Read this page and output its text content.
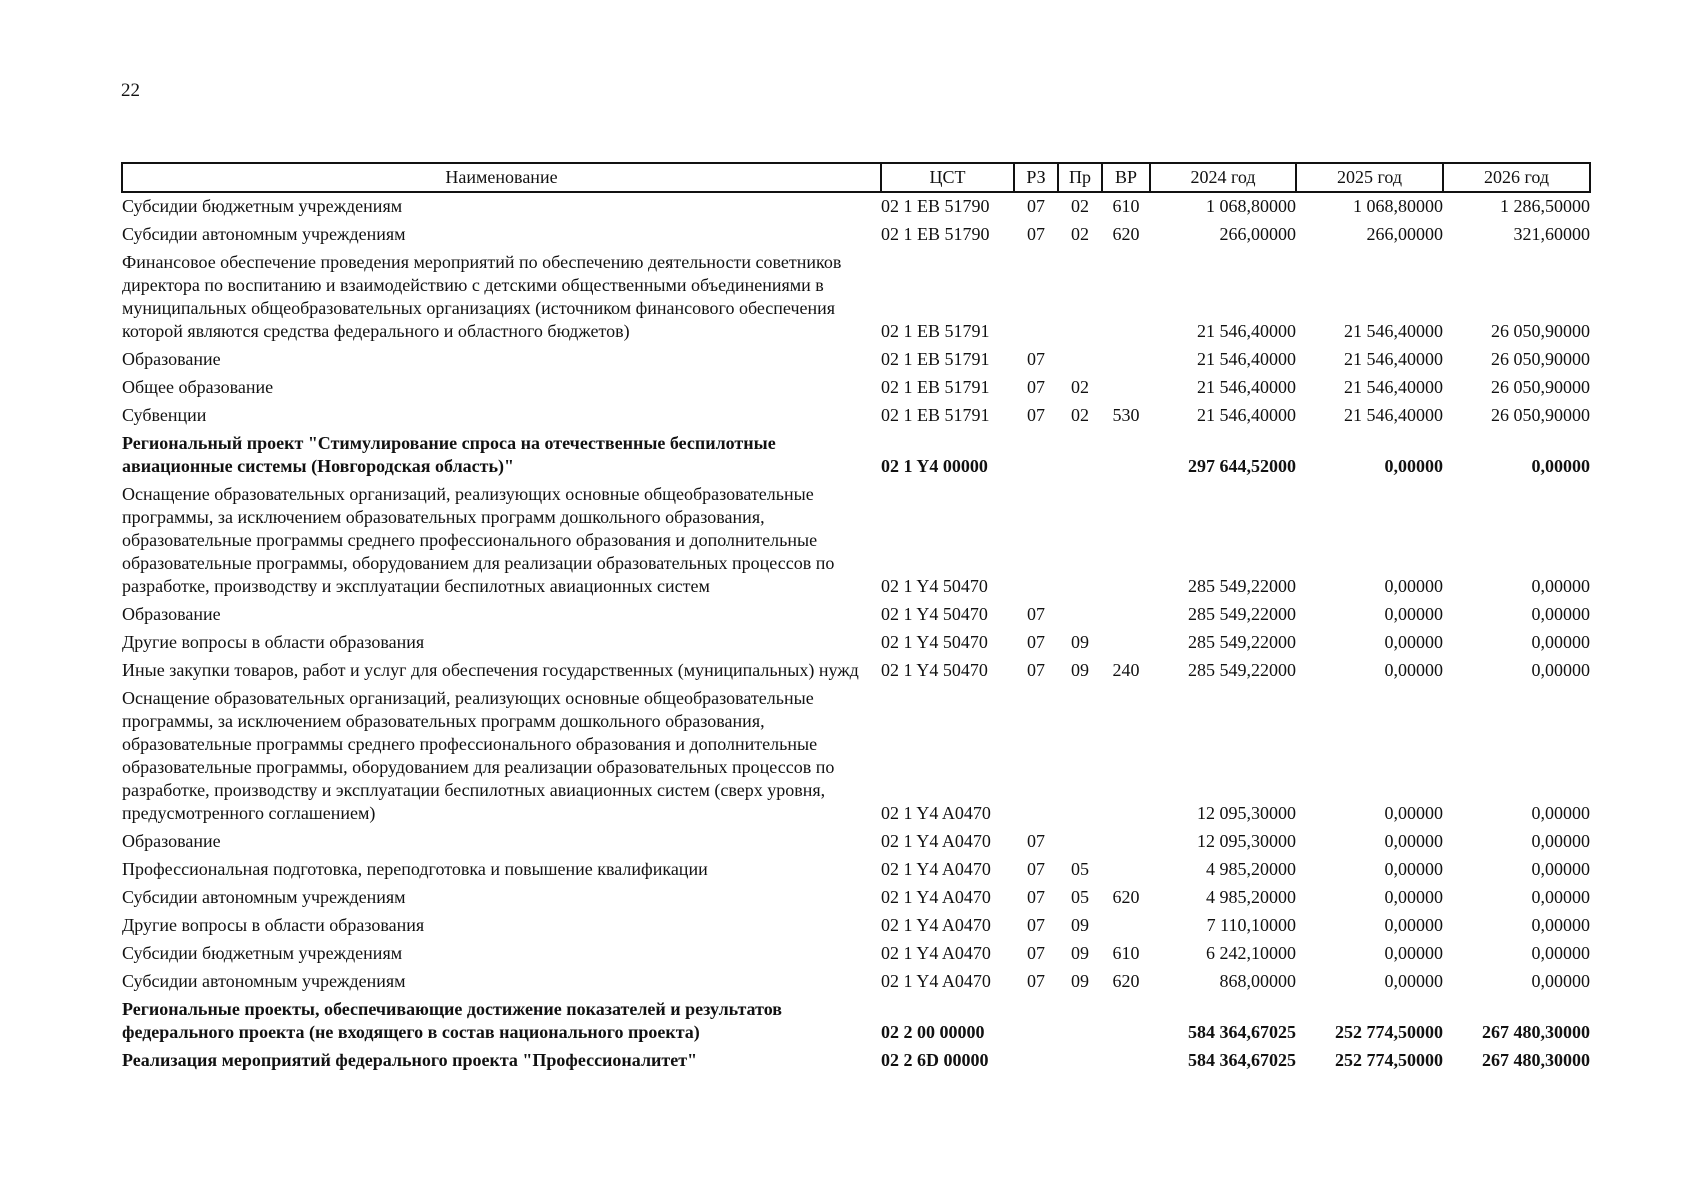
22
Наименование	ЦСТ	РЗ	Пр	ВР	2024 год	2025 год	2026 год
Субсидии бюджетным учреждениям	02 1 ЕВ 51790	07	02	610	1 068,80000	1 068,80000	1 286,50000
Субсидии автономным учреждениям	02 1 ЕВ 51790	07	02	620	266,00000	266,00000	321,60000
Финансовое обеспечение проведения мероприятий по обеспечению деятельности советников директора по воспитанию и взаимодействию с детскими общественными объединениями в муниципальных общеобразовательных организациях (источником финансового обеспечения которой являются средства федерального и областного бюджетов)	02 1 ЕВ 51791				21 546,40000	21 546,40000	26 050,90000
Образование	02 1 ЕВ 51791	07			21 546,40000	21 546,40000	26 050,90000
Общее образование	02 1 ЕВ 51791	07	02		21 546,40000	21 546,40000	26 050,90000
Субвенции	02 1 ЕВ 51791	07	02	530	21 546,40000	21 546,40000	26 050,90000
Региональный проект "Стимулирование спроса на отечественные беспилотные авиационные системы (Новгородская область)"	02 1 Y4 00000				297 644,52000	0,00000	0,00000
Оснащение образовательных организаций, реализующих основные общеобразовательные программы, за исключением образовательных программ дошкольного образования, образовательные программы среднего профессионального образования и дополнительные образовательные программы, оборудованием для реализации образовательных процессов по разработке, производству и эксплуатации беспилотных авиационных систем	02 1 Y4 50470				285 549,22000	0,00000	0,00000
Образование	02 1 Y4 50470	07			285 549,22000	0,00000	0,00000
Другие вопросы в области образования	02 1 Y4 50470	07	09		285 549,22000	0,00000	0,00000
Иные закупки товаров, работ и услуг для обеспечения государственных (муниципальных) нужд	02 1 Y4 50470	07	09	240	285 549,22000	0,00000	0,00000
Оснащение образовательных организаций, реализующих основные общеобразовательные программы, за исключением образовательных программ дошкольного образования, образовательные программы среднего профессионального образования и дополнительные образовательные программы, оборудованием для реализации образовательных процессов по разработке, производству и эксплуатации беспилотных авиационных систем (сверх уровня, предусмотренного соглашением)	02 1 Y4 A0470				12 095,30000	0,00000	0,00000
Образование	02 1 Y4 A0470	07			12 095,30000	0,00000	0,00000
Профессиональная подготовка, переподготовка и повышение квалификации	02 1 Y4 A0470	07	05		4 985,20000	0,00000	0,00000
Субсидии автономным учреждениям	02 1 Y4 A0470	07	05	620	4 985,20000	0,00000	0,00000
Другие вопросы в области образования	02 1 Y4 A0470	07	09		7 110,10000	0,00000	0,00000
Субсидии бюджетным учреждениям	02 1 Y4 A0470	07	09	610	6 242,10000	0,00000	0,00000
Субсидии автономным учреждениям	02 1 Y4 A0470	07	09	620	868,00000	0,00000	0,00000
Региональные проекты, обеспечивающие достижение показателей и результатов федерального проекта (не входящего в состав национального проекта)	02 2 00 00000				584 364,67025	252 774,50000	267 480,30000
Реализация мероприятий федерального проекта "Профессионалитет"	02 2 6D 00000				584 364,67025	252 774,50000	267 480,30000
